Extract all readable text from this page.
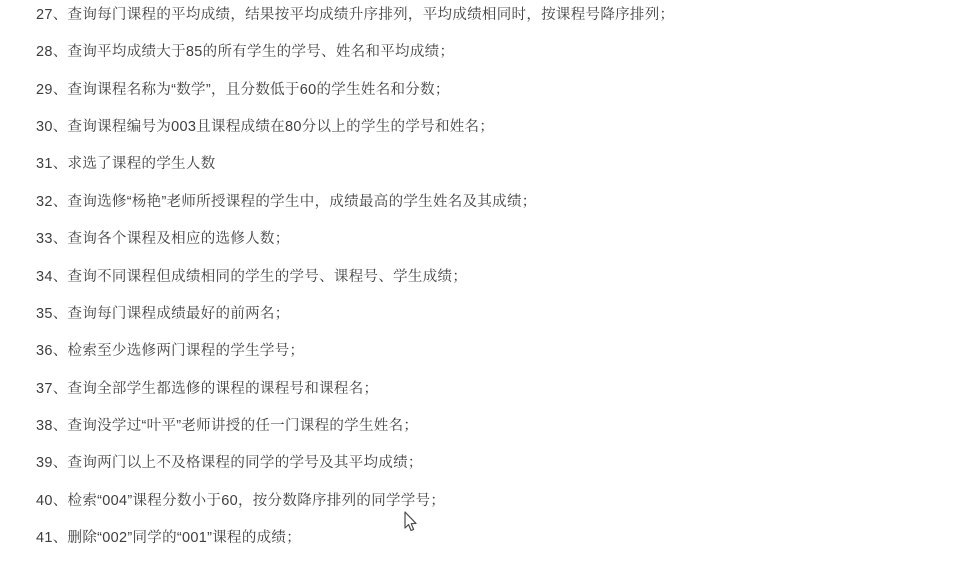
27、查询每门课程的平均成绩，结果按平均成绩升序排列，平均成绩相同时，按课程号降序排列；
28、查询平均成绩大于85的所有学生的学号、姓名和平均成绩；
29、查询课程名称为“数学”，且分数低于60的学生姓名和分数；
30、查询课程编号为003且课程成绩在80分以上的学生的学号和姓名；
31、求选了课程的学生人数
32、查询选修“杨艳”老师所授课程的学生中，成绩最高的学生姓名及其成绩；
33、查询各个课程及相应的选修人数；
34、查询不同课程但成绩相同的学生的学号、课程号、学生成绩；
35、查询每门课程成绩最好的前两名；
36、检索至少选修两门课程的学生学号；
37、查询全部学生都选修的课程的课程号和课程名；
38、查询没学过“叶平”老师讲授的任一门课程的学生姓名；
39、查询两门以上不及格课程的同学的学号及其平均成绩；
40、检索“004”课程分数小于60，按分数降序排列的同学学号；
41、删除“002”同学的“001”课程的成绩；
